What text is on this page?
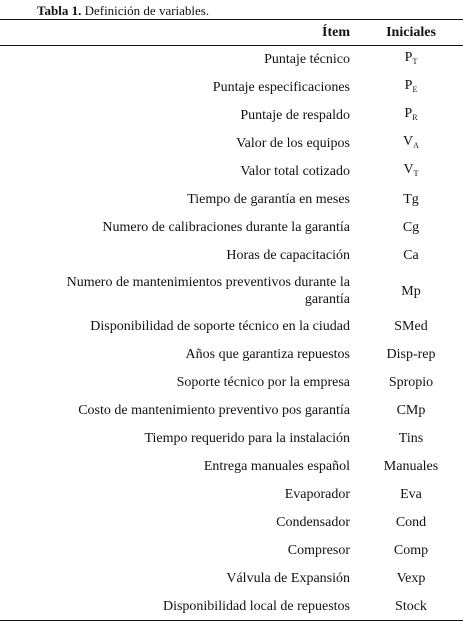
Tabla 1. Definición de variables.
Ítem	Iniciales
Puntaje técnico	$P_T$
Puntaje especificaciones	$P_E$
Puntaje de respaldo	$P_R$
Valor de los equipos	$V_A$
Valor total cotizado	$V_T$
Tiempo de garantía en meses	Tg
Numero de calibraciones durante la garantía	Cg
Horas de capacitación	Ca
Numero de mantenimientos preventivos durante la
garantía	Mp
Disponibilidad de soporte técnico en la ciudad	SMed
Años que garantiza repuestos	Disp-rep
Soporte técnico por la empresa	Spropio
Costo de mantenimiento preventivo pos garantía	CMp
Tiempo requerido para la instalación	Tins
Entrega manuales español	Manuales
Evaporador	Eva
Condensador	Cond
Compresor	Comp
Válvula de Expansión	Vexp
Disponibilidad local de repuestos	Stock
